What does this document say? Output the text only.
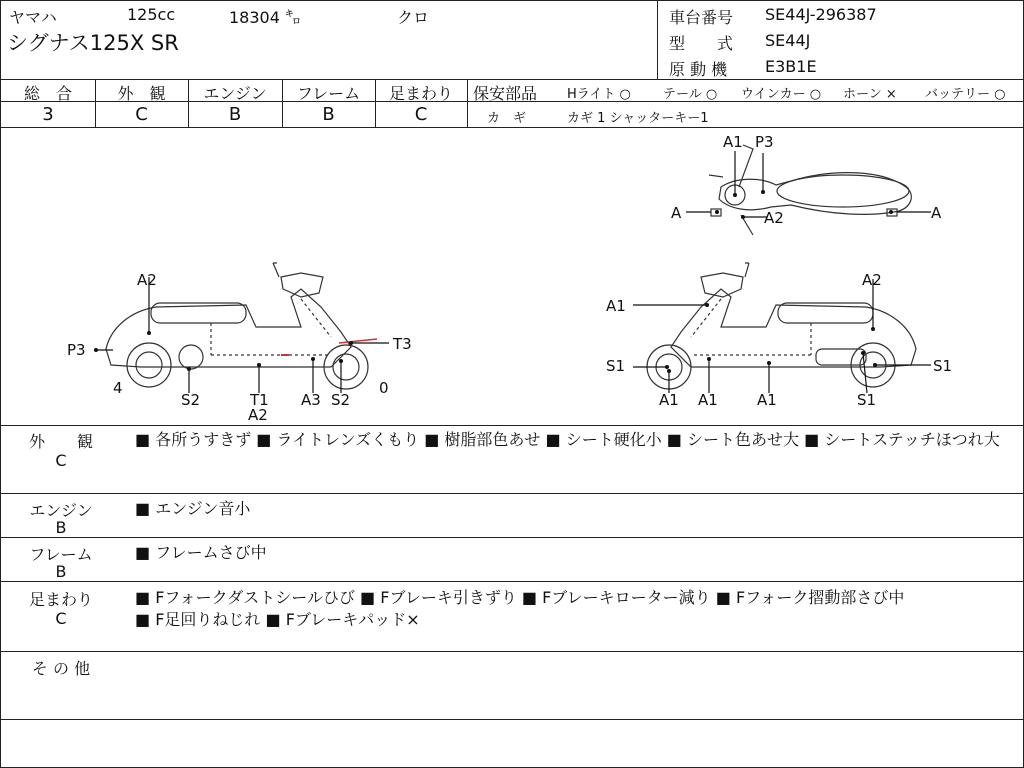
ヤマハ	125cc	18304 ㌔	クロ
シグナス125X SR
車台番号 SE44J-296387
型　　式 SE44J
原 動 機 E3B1E
総　合	外　観	エンジン	フレーム	足まわり
3	C	B	B	C
保安部品 Hライト ○ テール ○ ウインカー ○ ホーン × バッテリー ○
カ　ギ	カギ 1 シャッターキー1
A2
P3	T3
4	0
S2	T1
A2
A3 S2
A1 P3
A	A2	A
A1
A2
S1	S1
A1 A1	A1	S1
外　　観
C
■ 各所うすきず ■ ライトレンズくもり ■ 樹脂部色あせ ■ シート硬化小 ■ シート色あせ大 ■ シートステッチほつれ大
エンジン
B
■ エンジン音小
フレーム
B
■ フレームさび中
足まわり
C
■ Fフォークダストシールひび ■ Fブレーキ引きずり ■ Fブレーキローター減り ■ Fフォーク摺動部さび中
■ F足回りねじれ ■ Fブレーキパッド×
そ の 他
